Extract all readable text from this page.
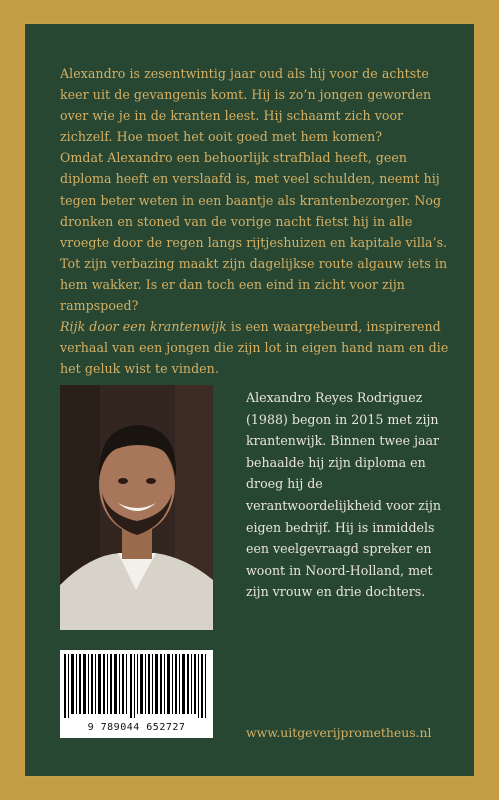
Alexandro is zesentwintig jaar oud als hij voor de achtste keer uit de gevangenis komt. Hij is zo’n jongen geworden over wie je in de kranten leest. Hij schaamt zich voor zichzelf. Hoe moet het ooit goed met hem komen?

Omdat Alexandro een behoorlijk strafblad heeft, geen diploma heeft en verslaafd is, met veel schulden, neemt hij tegen beter weten in een baantje als krantenbezorger. Nog dronken en stoned van de vorige nacht fietst hij in alle vroegte door de regen langs rijtjeshuizen en kapitale villa’s. Tot zijn verbazing maakt zijn dagelijkse route algauw iets in hem wakker. Is er dan toch een eind in zicht voor zijn rampspoed?

Rijk door een krantenwijk is een waargebeurd, inspirerend verhaal van een jongen die zijn lot in eigen hand nam en die het geluk wist te vinden.

Alexandro Reyes Rodriguez (1988) begon in 2015 met zijn krantenwijk. Binnen twee jaar behaalde hij zijn diploma en droeg hij de verantwoordelijkheid voor zijn eigen bedrijf. Hij is inmiddels een veelgevraagd spreker en woont in Noord-Holland, met zijn vrouw en drie dochters.
9 789044 652727	www.uitgeverijprometheus.nl
